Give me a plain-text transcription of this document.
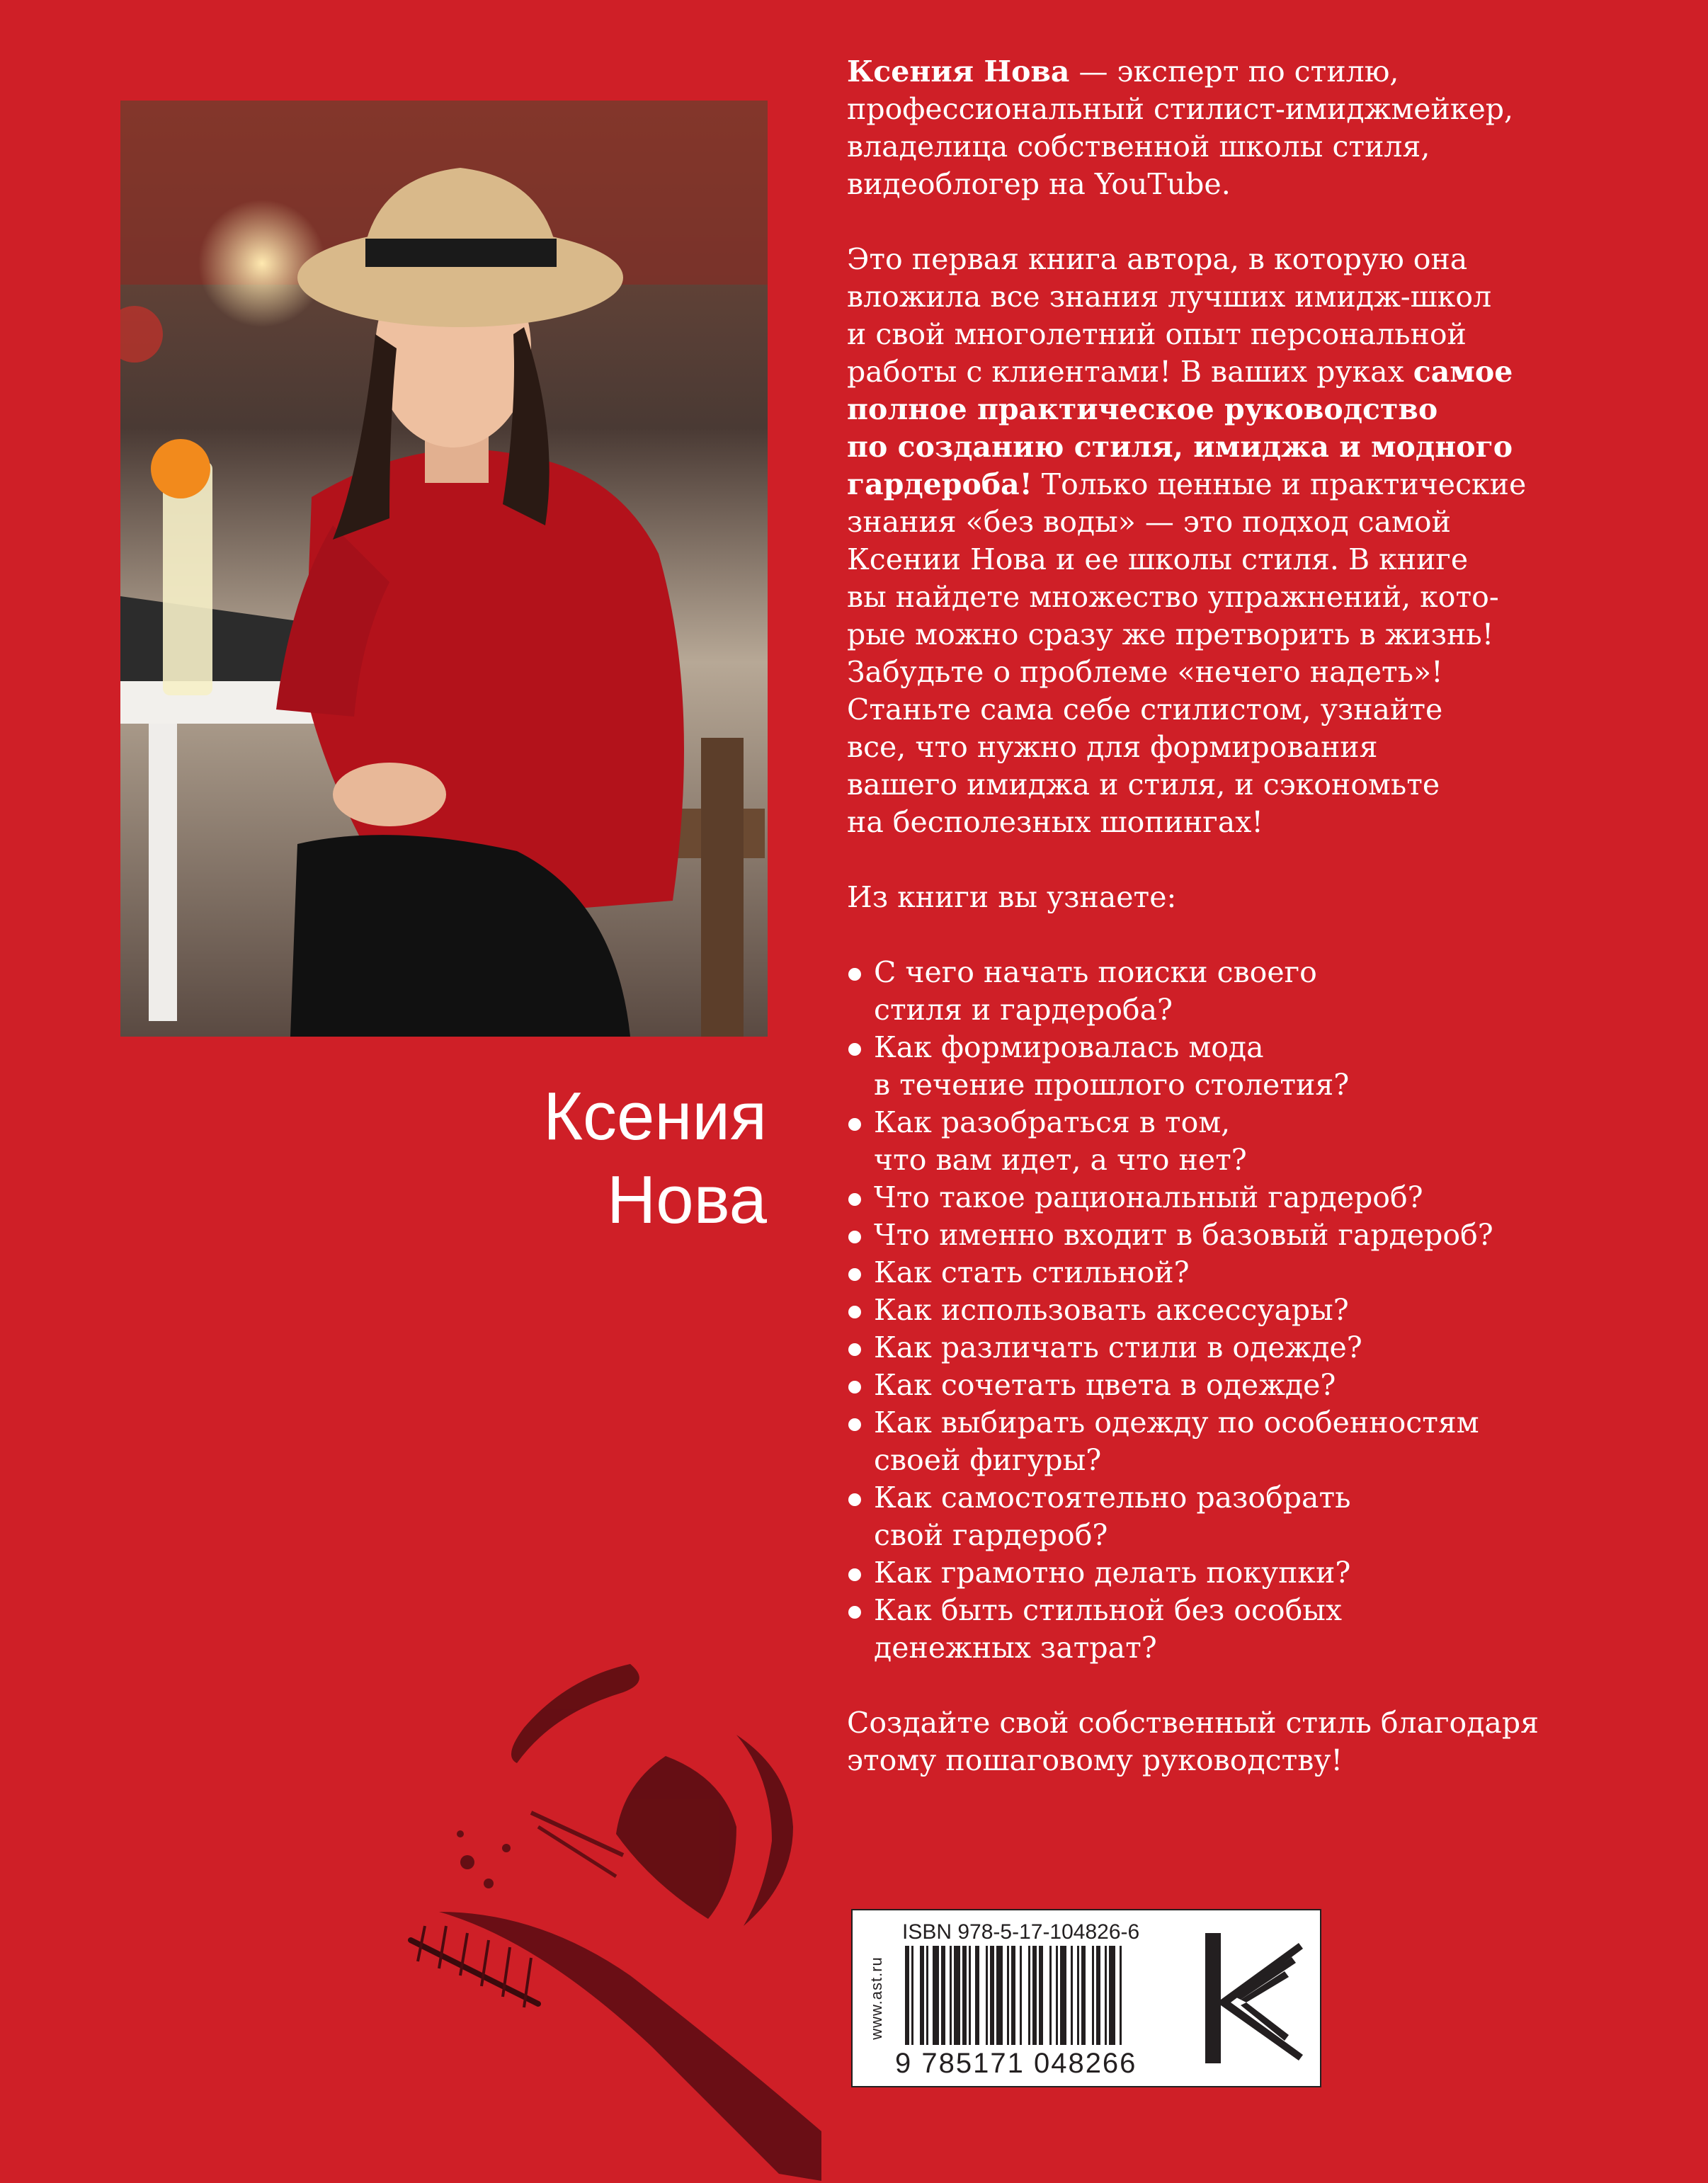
Ксения
Нова

Ксения Нова — эксперт по стилю,
профессиональный стилист-имиджмейкер,
владелица собственной школы стиля,
видеоблогер на YouTube.

Это первая книга автора, в которую она
вложила все знания лучших имидж-школ
и свой многолетний опыт персональной
работы с клиентами! В ваших руках самое
полное практическое руководство
по созданию стиля, имиджа и модного
гардероба! Только ценные и практические
знания «без воды» — это подход самой
Ксении Нова и ее школы стиля. В книге
вы найдете множество упражнений, кото-
рые можно сразу же претворить в жизнь!
Забудьте о проблеме «нечего надеть»!
Станьте сама себе стилистом, узнайте
все, что нужно для формирования
вашего имиджа и стиля, и сэкономьте
на бесполезных шопингах!

Из книги вы узнаете:

С чего начать поиски своего
стиля и гардероба?
Как формировалась мода
в течение прошлого столетия?
Как разобраться в том,
что вам идет, а что нет?
Что такое рациональный гардероб?
Что именно входит в базовый гардероб?
Как стать стильной?
Как использовать аксессуары?
Как различать стили в одежде?
Как сочетать цвета в одежде?
Как выбирать одежду по особенностям
своей фигуры?
Как самостоятельно разобрать
свой гардероб?
Как грамотно делать покупки?
Как быть стильной без особых
денежных затрат?

Создайте свой собственный стиль благодаря
этому пошаговому руководству!

www.ast.ru
ISBN 978-5-17-104826-6
9 785171 048266
